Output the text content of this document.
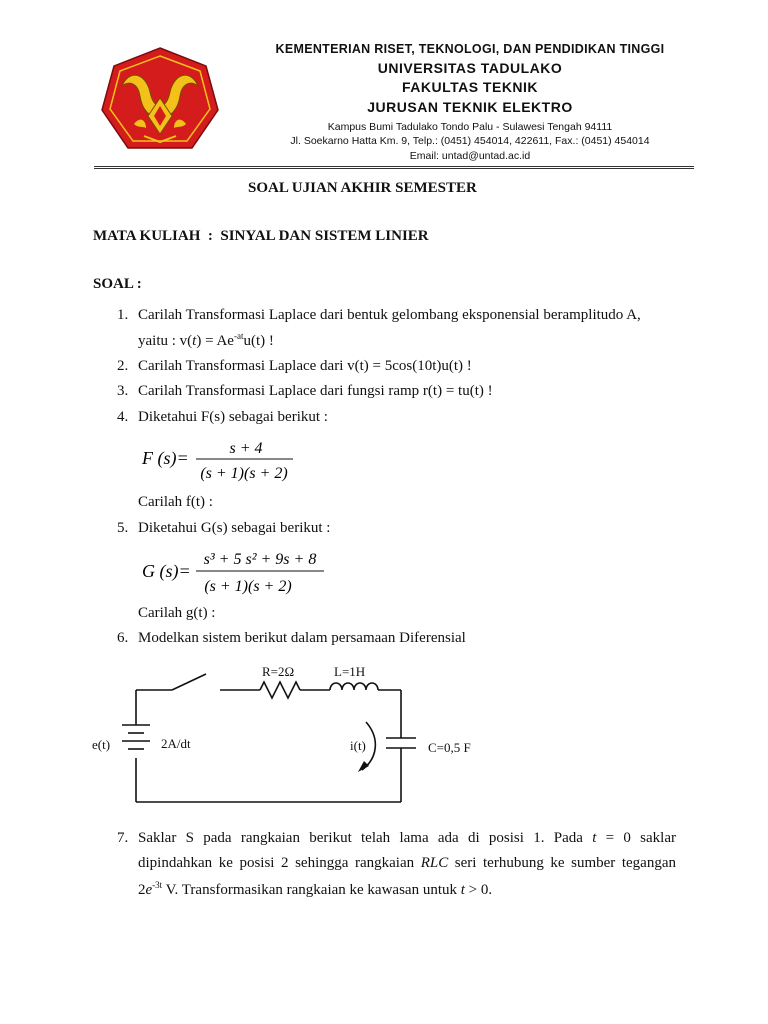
KEMENTERIAN RISET, TEKNOLOGI, DAN PENDIDIKAN TINGGI
UNIVERSITAS TADULAKO
FAKULTAS TEKNIK
JURUSAN TEKNIK ELEKTRO
Kampus Bumi Tadulako Tondo Palu - Sulawesi Tengah 94111
Jl. Soekarno Hatta Km. 9, Telp.: (0451) 454014, 422611, Fax.: (0451) 454014
Email: untad@untad.ac.id
SOAL UJIAN AKHIR SEMESTER
MATA KULIAH : SINYAL DAN SISTEM LINIER
SOAL :
1. Carilah Transformasi Laplace dari bentuk gelombang eksponensial beramplitudo A,
yaitu : $v(t) = Ae^{-at}u(t)$ !
2. Carilah Transformasi Laplace dari v(t) = 5cos(10t)u(t) !
3. Carilah Transformasi Laplace dari fungsi ramp r(t) = tu(t) !
4. Diketahui F(s) sebagai berikut :
F (s)=	s + 4
(s + 1)(s + 2)
Carilah f(t) :
5. Diketahui G(s) sebagai berikut :
G (s)=
s³ + 5 s² + 9s + 8
(s + 1)(s + 2)
Carilah g(t) :
6. Modelkan sistem berikut dalam persamaan Diferensial
R=2Ω	L=1H
e(t)	2A/dt	i(t)	C=0,5 F
7. Saklar S pada rangkaian berikut telah lama ada di posisi 1. Pada t = 0 saklar
dipindahkan ke posisi 2 sehingga rangkaian RLC seri terhubung ke sumber tegangan
$2e^{-3t}$ V. Transformasikan rangkaian ke kawasan untuk t > 0.
